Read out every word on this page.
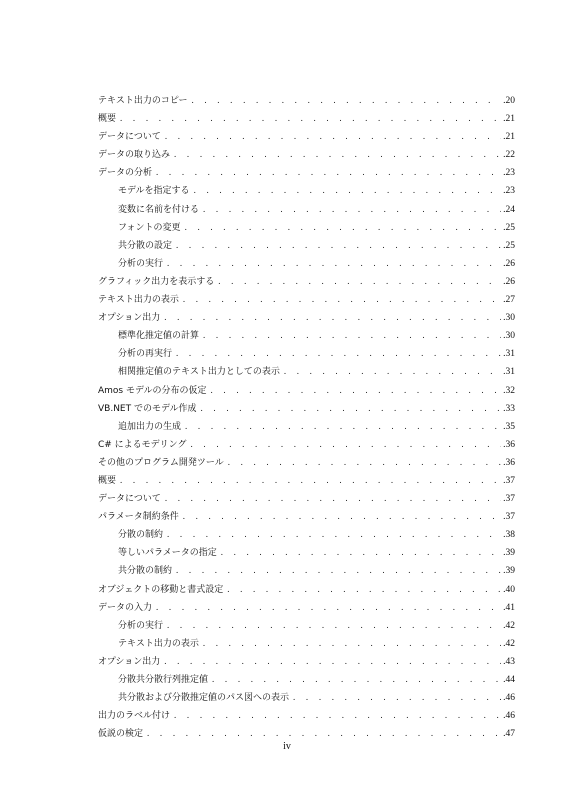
テキスト出力のコピー . . .	.20
概要 . . .	.21
データについて . . .	.21
データの取り込み . . .	.22
データの分析 . . .	.23
モデルを指定する . . .	.23
変数に名前を付ける . . .	.24
フォントの変更 . . .	.25
共分散の設定 . . .	.25
分析の実行 . . .	.26
グラフィック出力を表示する . . .	.26
テキスト出力の表示 . . .	.27
オプション出力 . . .	.30
標準化推定値の計算 . . .	.30
分析の再実行 . . .	.31
相関推定値のテキスト出力としての表示 . . .	.31
Amos モデルの分布の仮定 . . .	.32
VB.NET でのモデル作成 . . .	.33
追加出力の生成 . . .	.35
C# によるモデリング . . .	.36
その他のプログラム開発ツール . . .	.36
概要 . . .	.37
データについて . . .	.37
パラメータ制約条件 . . .	.37
分散の制約 . . .	.38
等しいパラメータの指定 . . .	.39
共分散の制約 . . .	.39
オブジェクトの移動と書式設定 . . .	.40
データの入力 . . .	.41
分析の実行 . . .	.42
テキスト出力の表示 . . .	.42
オプション出力 . . .	.43
分散共分散行列推定値 . . .	.44
共分散および分散推定値のパス図への表示 . . .	.46
出力のラベル付け . . .	.46
仮説の検定 . . .	.47
iv
